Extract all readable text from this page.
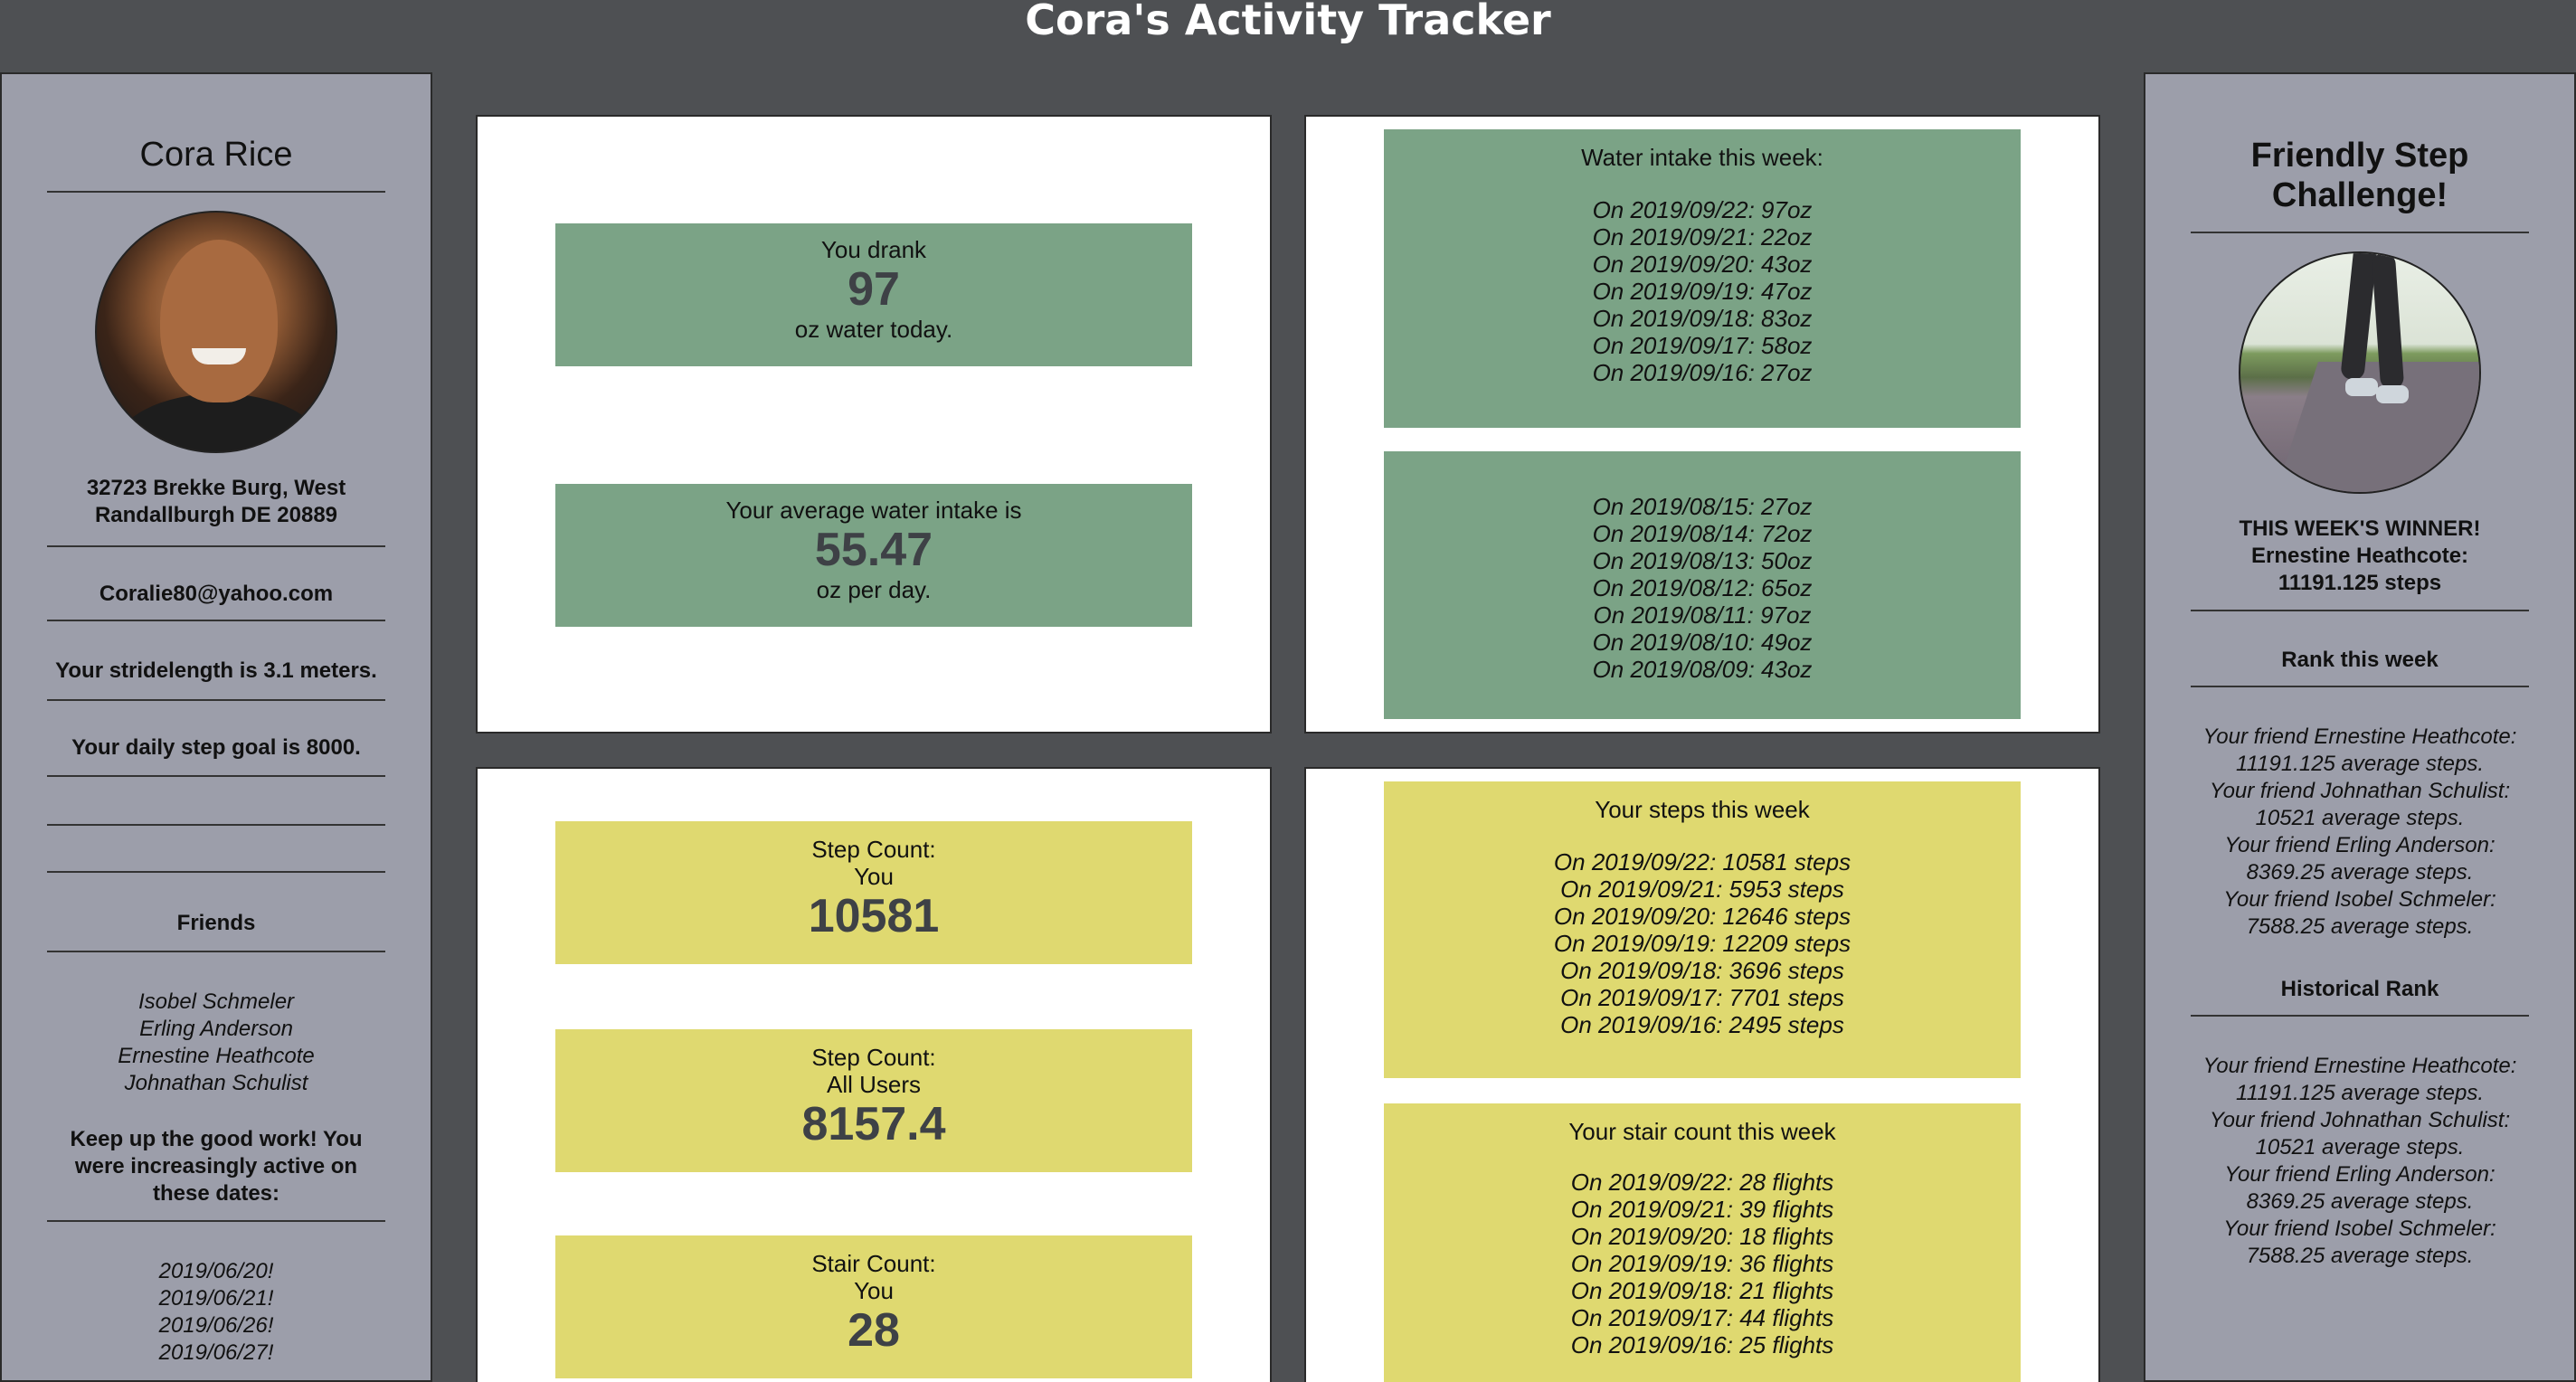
Cora's Activity Tracker
Cora Rice
32723 Brekke Burg, West Randallburgh DE 20889
Coralie80@yahoo.com
Your stridelength is 3.1 meters.
Your daily step goal is 8000.
Friends
Isobel Schmeler
Erling Anderson
Ernestine Heathcote
Johnathan Schulist
Keep up the good work! You were increasingly active on these dates:
2019/06/20!
2019/06/21!
2019/06/26!
2019/06/27!
You drank
97
oz water today.
Your average water intake is
55.47
oz per day.
Water intake this week:
On 2019/09/22: 97oz
On 2019/09/21: 22oz
On 2019/09/20: 43oz
On 2019/09/19: 47oz
On 2019/09/18: 83oz
On 2019/09/17: 58oz
On 2019/09/16: 27oz
On 2019/08/15: 27oz
On 2019/08/14: 72oz
On 2019/08/13: 50oz
On 2019/08/12: 65oz
On 2019/08/11: 97oz
On 2019/08/10: 49oz
On 2019/08/09: 43oz
Step Count:
You
10581
Step Count:
All Users
8157.4
Stair Count:
You
28
Your steps this week
On 2019/09/22: 10581 steps
On 2019/09/21: 5953 steps
On 2019/09/20: 12646 steps
On 2019/09/19: 12209 steps
On 2019/09/18: 3696 steps
On 2019/09/17: 7701 steps
On 2019/09/16: 2495 steps
Your stair count this week
On 2019/09/22: 28 flights
On 2019/09/21: 39 flights
On 2019/09/20: 18 flights
On 2019/09/19: 36 flights
On 2019/09/18: 21 flights
On 2019/09/17: 44 flights
On 2019/09/16: 25 flights
Friendly Step Challenge!
THIS WEEK'S WINNER!
Ernestine Heathcote:
11191.125 steps
Rank this week
Your friend Ernestine Heathcote: 11191.125 average steps.
Your friend Johnathan Schulist: 10521 average steps.
Your friend Erling Anderson: 8369.25 average steps.
Your friend Isobel Schmeler: 7588.25 average steps.
Historical Rank
Your friend Ernestine Heathcote: 11191.125 average steps.
Your friend Johnathan Schulist: 10521 average steps.
Your friend Erling Anderson: 8369.25 average steps.
Your friend Isobel Schmeler: 7588.25 average steps.
